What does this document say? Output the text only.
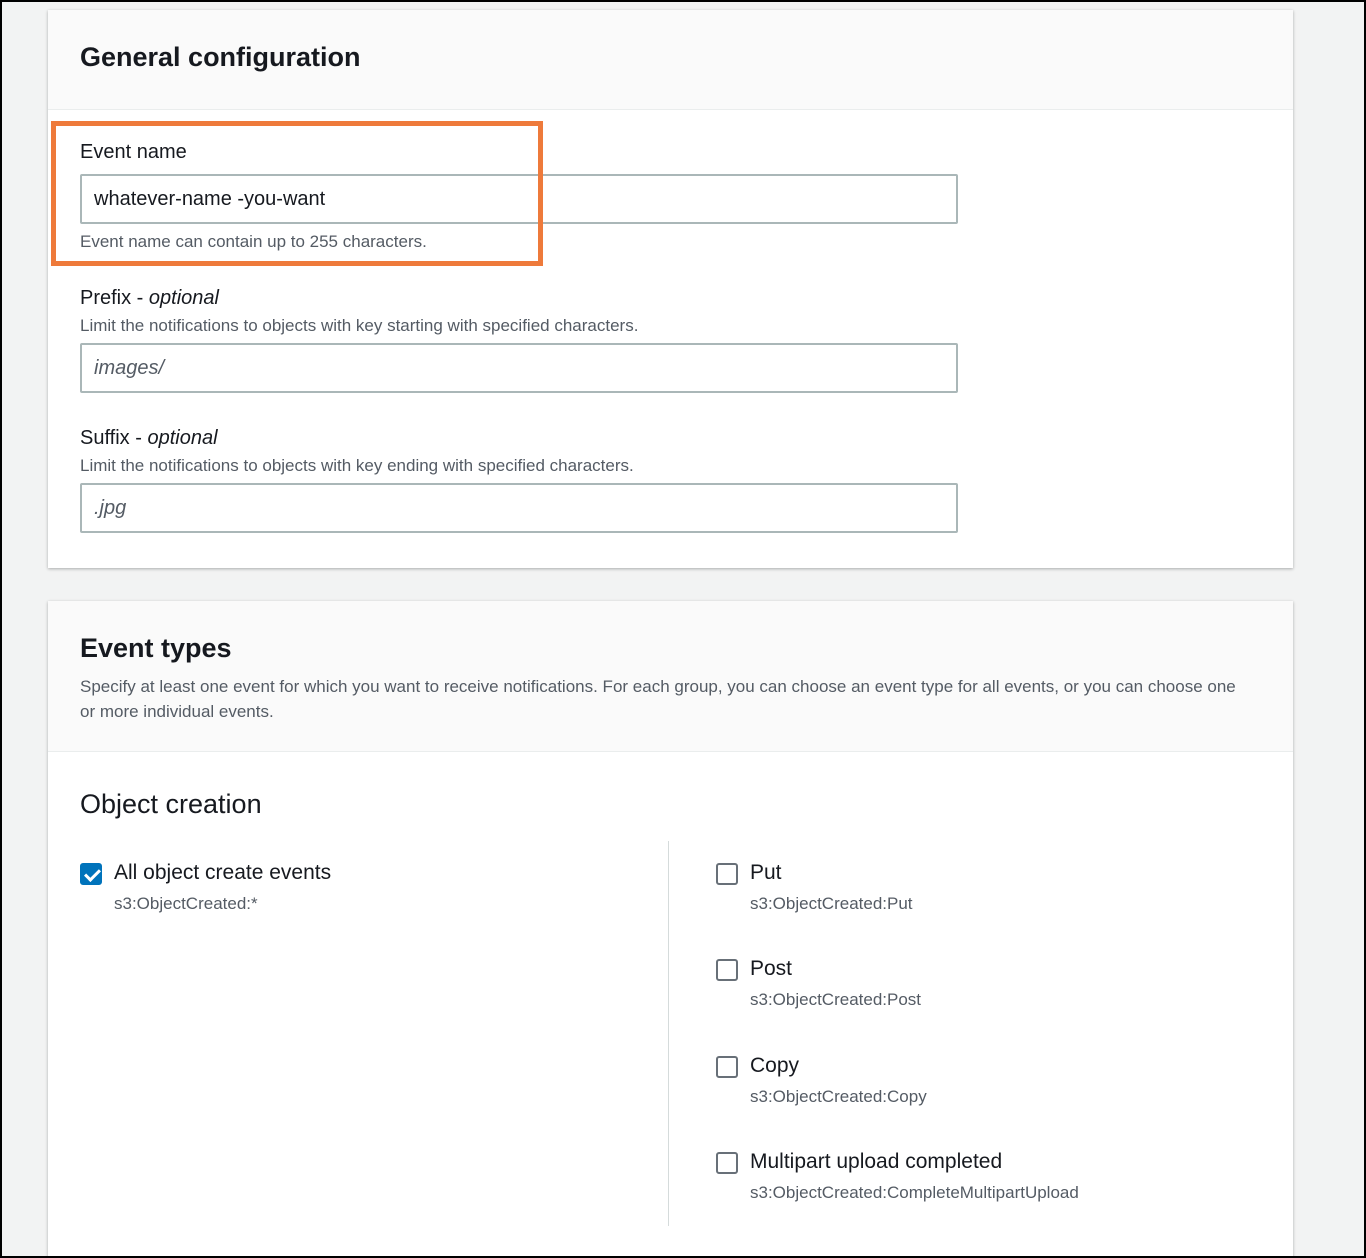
General configuration
Event name
whatever-name -you-want
Event name can contain up to 255 characters.
Prefix - optional
Limit the notifications to objects with key starting with specified characters.
images/
Suffix - optional
Limit the notifications to objects with key ending with specified characters.
.jpg
Event types
Specify at least one event for which you want to receive notifications. For each group, you can choose an event type for all events, or you can choose one or more individual events.
Object creation
All object create events
s3:ObjectCreated:*
Put
s3:ObjectCreated:Put
Post
s3:ObjectCreated:Post
Copy
s3:ObjectCreated:Copy
Multipart upload completed
s3:ObjectCreated:CompleteMultipartUpload
